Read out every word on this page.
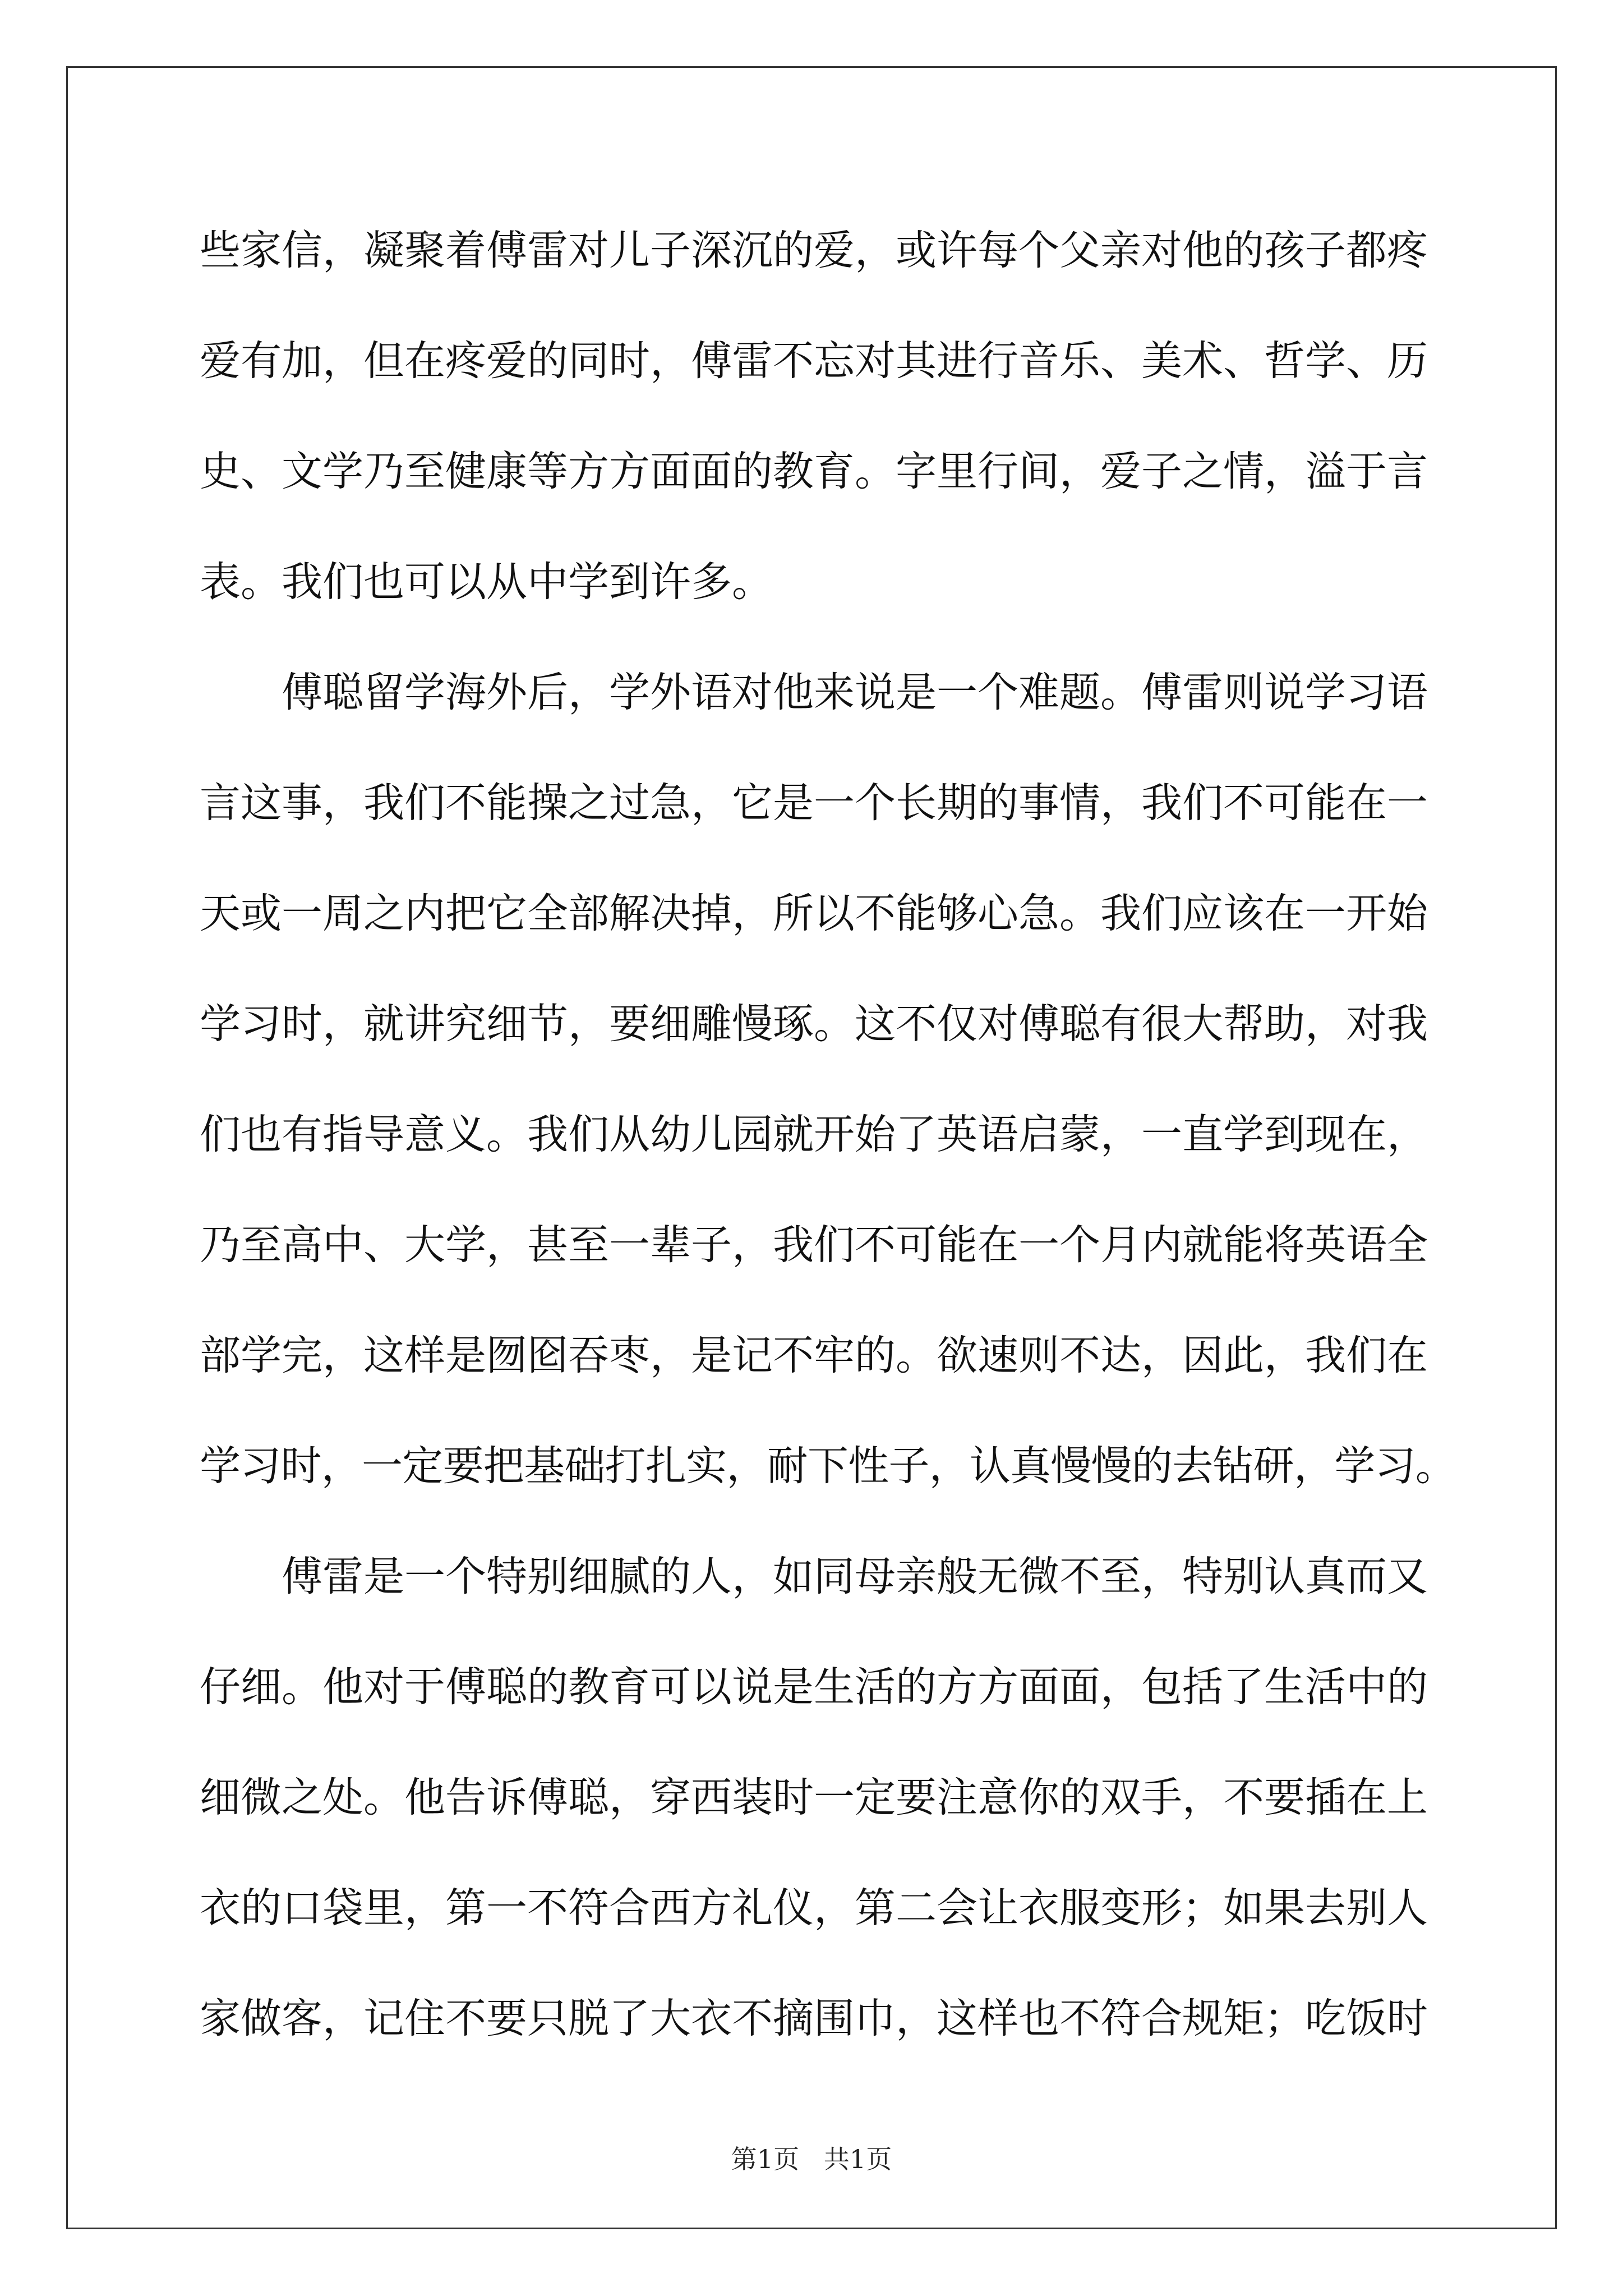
些家信，凝聚着傅雷对儿子深沉的爱，或许每个父亲对他的孩子都疼
爱有加，但在疼爱的同时，傅雷不忘对其进行音乐、美术、哲学、历
史、文学乃至健康等方方面面的教育。字里行间，爱子之情，溢于言
表。我们也可以从中学到许多。
傅聪留学海外后，学外语对他来说是一个难题。傅雷则说学习语
言这事，我们不能操之过急，它是一个长期的事情，我们不可能在一
天或一周之内把它全部解决掉，所以不能够心急。我们应该在一开始
学习时，就讲究细节，要细雕慢琢。这不仅对傅聪有很大帮助，对我
们也有指导意义。我们从幼儿园就开始了英语启蒙，一直学到现在，
乃至高中、大学，甚至一辈子，我们不可能在一个月内就能将英语全
部学完，这样是囫囵吞枣，是记不牢的。欲速则不达，因此，我们在
学习时，一定要把基础打扎实，耐下性子，认真慢慢的去钻研，学习。
傅雷是一个特别细腻的人，如同母亲般无微不至，特别认真而又
仔细。他对于傅聪的教育可以说是生活的方方面面，包括了生活中的
细微之处。他告诉傅聪，穿西装时一定要注意你的双手，不要插在上
衣的口袋里，第一不符合西方礼仪，第二会让衣服变形；如果去别人
家做客，记住不要只脱了大衣不摘围巾，这样也不符合规矩；吃饭时
第1页   共1页
